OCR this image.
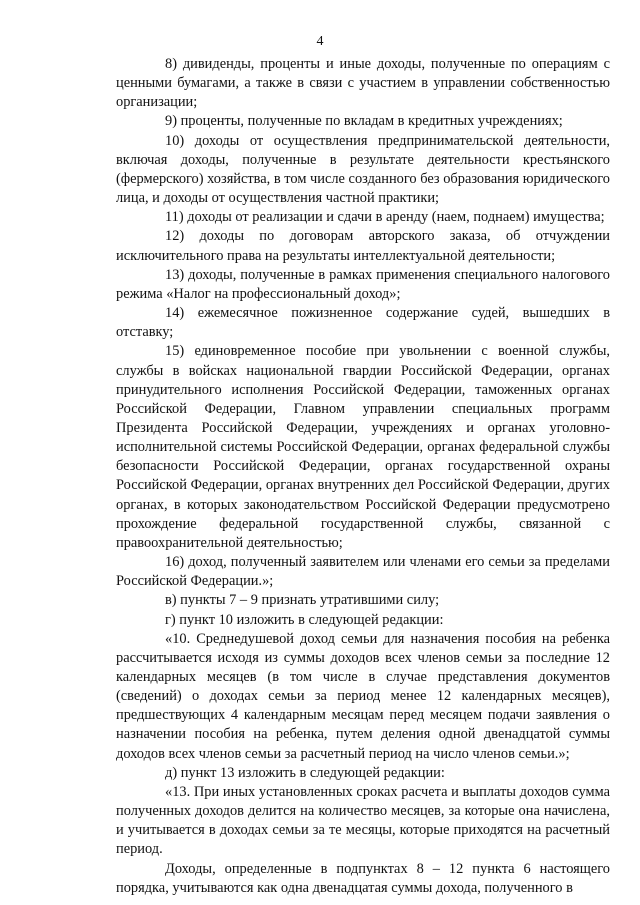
4

8) дивиденды, проценты и иные доходы, полученные по операциям с ценными бумагами, а также в связи с участием в управлении собственностью организации;

9) проценты, полученные по вкладам в кредитных учреждениях;

10) доходы от осуществления предпринимательской деятельности, включая доходы, полученные в результате деятельности крестьянского (фермерского) хозяйства, в том числе созданного без образования юридического лица, и доходы от осуществления частной практики;

11) доходы от реализации и сдачи в аренду (наем, поднаем) имущества;

12) доходы по договорам авторского заказа, об отчуждении исключительного права на результаты интеллектуальной деятельности;

13) доходы, полученные в рамках применения специального налогового режима «Налог на профессиональный доход»;

14) ежемесячное пожизненное содержание судей, вышедших в отставку;

15) единовременное пособие при увольнении с военной службы, службы в войсках национальной гвардии Российской Федерации, органах принудительного исполнения Российской Федерации, таможенных органах Российской Федерации, Главном управлении специальных программ Президента Российской Федерации, учреждениях и органах уголовно-исполнительной системы Российской Федерации, органах федеральной службы безопасности Российской Федерации, органах государственной охраны Российской Федерации, органах внутренних дел Российской Федерации, других органах, в которых законодательством Российской Федерации предусмотрено прохождение федеральной государственной службы, связанной с правоохранительной деятельностью;

16) доход, полученный заявителем или членами его семьи за пределами Российской Федерации.»;

в) пункты 7 – 9 признать утратившими силу;

г) пункт 10 изложить в следующей редакции:

«10. Среднедушевой доход семьи для назначения пособия на ребенка рассчитывается исходя из суммы доходов всех членов семьи за последние 12 календарных месяцев (в том числе в случае представления документов (сведений) о доходах семьи за период менее 12 календарных месяцев), предшествующих 4 календарным месяцам перед месяцем подачи заявления о назначении пособия на ребенка, путем деления одной двенадцатой суммы доходов всех членов семьи за расчетный период на число членов семьи.»;

д) пункт 13 изложить в следующей редакции:

«13. При иных установленных сроках расчета и выплаты доходов сумма полученных доходов делится на количество месяцев, за которые она начислена, и учитывается в доходах семьи за те месяцы, которые приходятся на расчетный период.

Доходы, определенные в подпунктах 8 – 12 пункта 6 настоящего порядка, учитываются как одна двенадцатая суммы дохода, полученного в
